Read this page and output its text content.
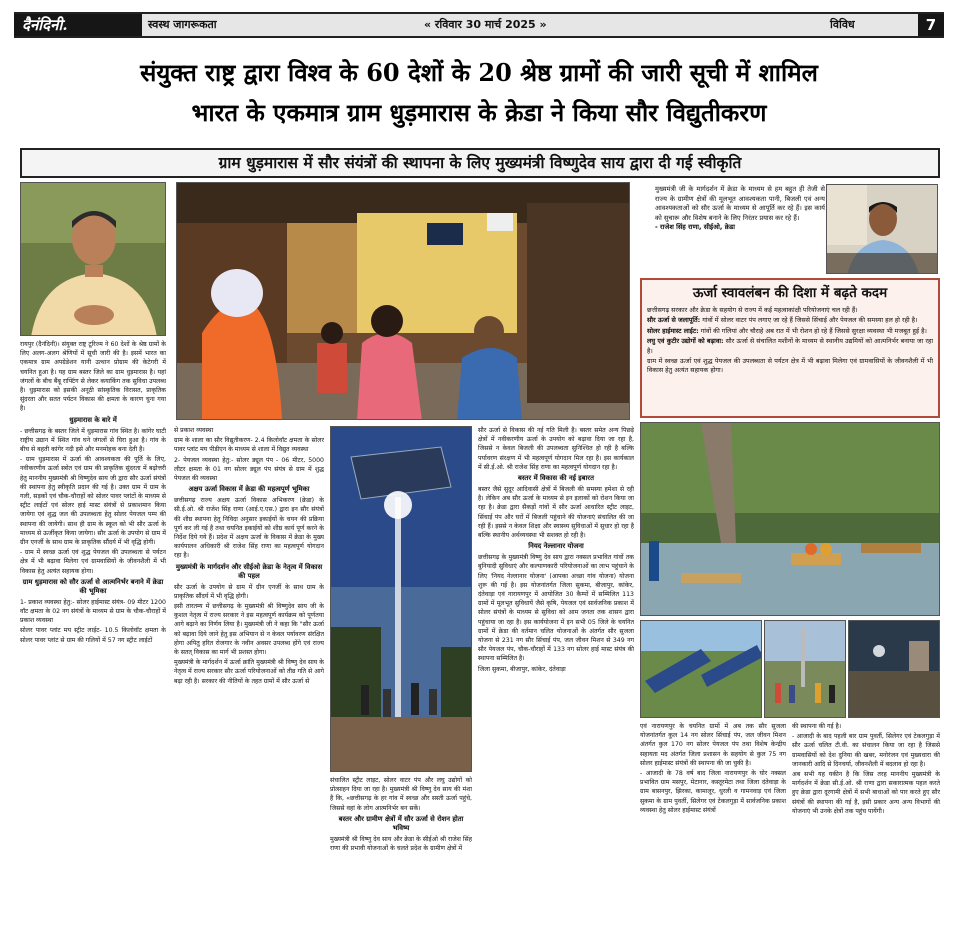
दैनंदिनी.	स्वस्थ जागरूकता	« रविवार 30 मार्च 2025 »	विविध	7
संयुक्त राष्ट्र द्वारा विश्व के 60 देशों के 20 श्रेष्ठ ग्रामों की जारी सूची में शामिल
भारत के एकमात्र ग्राम धुड़मारास के क्रेडा ने किया सौर विद्युतीकरण
ग्राम धुड़मारास में सौर संयंत्रों की स्थापना के लिए मुख्यमंत्री विष्णुदेव साय द्वारा दी गई स्वीकृति
मुख्यमंत्री जी के मार्गदर्शन में क्रेडा के माध्यम से हम बहुत ही तेजी से राज्य के ग्रामीण क्षेत्रों की मूलभूत आवश्यकता पानी, बिजली एवं अन्य आवश्यकताओं को सौर ऊर्जा के माध्यम से आपूर्ति कर रहे हैं। इस कार्य को सुचारू और विशेष बनाने के लिए निरंतर प्रयास कर रहे हैं।
- राजेश सिंह राणा, सीईओ, क्रेडा
ऊर्जा स्वावलंबन की दिशा में बढ़ते कदम

छत्तीसगढ़ सरकार और क्रेडा के सहयोग से राज्य में कई महत्वाकांक्षी परियोजनाएं चल रही हैं।

सौर ऊर्जा से जलापूर्ति: गांवों में सोलर वाटर पंप लगाए जा रहे हैं जिससे सिंचाई और पेयजल की समस्या हल हो रही है।

सोलर हाईमास्ट लाईट: गांवों की गलियां और चौराहे अब रात में भी रोशन हो रहे हैं जिससे सुरक्षा व्यवस्था भी मजबूत हुई है।

लघु एवं कुटीर उद्योगों को बढ़ावा: सौर ऊर्जा से संचालित मशीनों के माध्यम से स्थानीय उद्यमियों को आत्मनिर्भर बनाया जा रहा है।

ग्राम में स्वच्छ ऊर्जा एवं शुद्ध पेयजल की उपलब्धता से पर्यटन क्षेत्र में भी बढ़ावा मिलेगा एवं ग्रामवासियों के जीवनशैली में भी विकास हेतु अत्यंत सहायक होगा।

रायपुर (दैनंदिनी)। संयुक्त राष्ट्र टूरिज्म ने 60 देशों के श्रेष्ठ ग्रामों के लिए अलग-अलग श्रेणियों में सूची जारी की है। इसमें भारत का एकमात्र ग्राम अपग्रेडेशन यानी उत्थान प्रोग्राम की केटेगरी में चयनित हुआ है। यह ग्राम बस्तर जिले का ग्राम धुड़मारास है। यहां जंगलों के बीच बैंबू राफ्टिंग से लेकर कयाकिंग तक सुविधा उपलब्ध है। धुड़मारास को इसकी अनूठी सांस्कृतिक विरासत, प्राकृतिक सुंदरता और सतत पर्यटन विकास की क्षमता के कारण चुना गया है।

धुड़मारास के बारे में

- छत्तीसगढ़ के बस्तर जिले में धुड़मारास गांव स्थित है। कांगेर घाटी राष्ट्रीय उद्यान में स्थित गांव घने जंगलों से घिरा हुआ है। गांव के बीच से बहती कांगेर नदी इसे और मनमोहक बना देती है।

- ग्राम धुड़मारास में ऊर्जा की आवश्यकता की पूर्ति के लिए, नवीकरणीय ऊर्जा स्त्रोत एवं ग्राम की प्राकृतिक सुंदरता में बढ़ोत्तरी हेतु माननीय मुख्यमंत्री श्री विष्णुदेव साय जी द्वारा सौर ऊर्जा संयंत्रों की स्थापना हेतु स्वीकृति प्रदान की गई है। उक्त ग्राम में ग्राम के गली, सड़कों एवं चौक-चौराहों को सोलर पावर प्लांटों के माध्यम से स्ट्रीट लाईटों एवं सोलर हाई मास्ट संयंत्रों से प्रकाशमान किया जायेगा एवं शुद्ध जल की उपलब्धता हेतु सोलर पेयजल पम्प की स्थापना की जायेगी। साथ ही ग्राम के स्कूल को भी सौर ऊर्जा के माध्यम से ऊर्जीकृत किया जायेगा। सौर ऊर्जा के उपयोग से ग्राम में ग्रीन एनर्जी के साथ ग्राम के प्राकृतिक सौंदर्य में भी वृद्धि होगी।

- ग्राम में स्वच्छ ऊर्जा एवं शुद्ध पेयजल की उपलब्धता से पर्यटन क्षेत्र में भी बढ़ावा मिलेगा एवं ग्रामवासियों के जीवनशैली में भी विकास हेतु अत्यंत सहायक होगा।

ग्राम धुड़मारास को सौर ऊर्जा से आत्मनिर्भर बनाने में क्रेडा की भूमिका

1- प्रकाश व्यवस्था हेतु:- सोलर हाईमास्ट संयंत्र- 09 मीटर 1200 वॉट क्षमता के 02 नग संयंत्रों के माध्यम से ग्राम के चौक-चौराहों में प्रकाश व्यवस्था

सोलर पावर प्लांट मय स्ट्रीट लाईट- 10.5 किलोवॉट क्षमता के सोलर पावर प्लांट से ग्राम की गलियों में 57 नग स्ट्रीट लाईटों

से प्रकाश व्यवस्था

ग्राम के शाला का सौर विद्युतीकरण- 2.4 किलोवॉट क्षमता के सोलर पावर प्लांट मय पीडीएन के माध्यम से शाला में विद्युत व्यवस्था

2- पेयजल व्यवस्था हेतु:- सोलर ड्यूल पंप - 06 मीटर, 5000 लीटर क्षमता के 01 नग सोलर ड्यूल पंप संयंत्र से ग्राम में शुद्ध पेयजल की व्यवस्था

अक्षय ऊर्जा विकास में क्रेडा की महत्वपूर्ण भूमिका

छत्तीसगढ़ राज्य अक्षय ऊर्जा विकास अभिकरण (क्रेडा) के सी.ई.ओ. श्री राजेश सिंह राणा (आई.ए.एस.) द्वारा इन सौर संयंत्रों की शीघ्र स्थापना हेतु निविदा अनुसार इकाईयों के चयन की प्रक्रिया पूर्ण कर ली गई है तथा चयनित इकाईयों को शीघ्र कार्य पूर्ण करने के निर्देश दिये गये हैं। प्रदेश में अक्षय ऊर्जा के विकास में क्रेडा के मुख्य कार्यपालन अधिकारी श्री राजेश सिंह राणा का महत्वपूर्ण योगदान रहा है।

मुख्यमंत्री के मार्गदर्शन और सीईओ क्रेडा के नेतृत्व में विकास की पहल

सौर ऊर्जा के उपयोग से ग्राम में ग्रीन एनर्जी के साथ ग्राम के प्राकृतिक सौंदर्य में भी वृद्धि होगी।

इसी तारतम्य में छत्तीसगढ़ के मुख्यमंत्री श्री विष्णुदेव साय जी के कुशल नेतृत्व में राज्य सरकार ने इस महत्वपूर्ण कार्यक्रम को पूर्णतया आगे बढ़ाने का निर्णय लिया है। मुख्यमंत्री जी ने कहा कि "सौर ऊर्जा को बढ़ावा दिये जाने हेतु इस अभियान से न केवल पर्यावरण संरक्षित होगा अपितु हरित रोजगार के नवीन अवसर उपलब्ध होंगे एवं राज्य के सतत् विकास का मार्ग भी प्रशस्त होगा।

मुख्यमंत्री के मार्गदर्शन में ऊर्जा क्रांति मुख्यमंत्री श्री विष्णु देव साय के नेतृत्व में राज्य सरकार सौर ऊर्जा परियोजनाओं को तीव्र गति से आगे बढ़ा रही है। सरकार की नीतियों के तहत ग्रामों में सौर ऊर्जा से

संचालित स्ट्रीट लाइट, सोलर वाटर पंप और लघु उद्योगों को प्रोत्साहन दिया जा रहा है। मुख्यमंत्री श्री विष्णु देव साय की मंशा है कि, «छत्तीसगढ़ के हर गांव में स्वच्छ और सस्ती ऊर्जा पहुंचे, जिससे वहां के लोग आत्मनिर्भर बन सकें।

बस्तर और ग्रामीण क्षेत्रों में सौर ऊर्जा से रोशन होता भविष्य

मुख्यमंत्री श्री विष्णु देव साय और क्रेडा के सीईओ श्री राजेश सिंह राणा की प्रभावी योजनाओं के चलते प्रदेश के ग्रामीण क्षेत्रों में

सौर ऊर्जा से विकास की नई गति मिली है। बस्तर समेत अन्य पिछड़े क्षेत्रों में नवीकरणीय ऊर्जा के उपयोग को बढ़ावा दिया जा रहा है, जिससे न केवल बिजली की उपलब्धता सुनिश्चित हो रही है बल्कि पर्यावरण संरक्षण में भी महत्वपूर्ण योगदान मिल रहा है। इस कार्यकाल में सी.ई.ओ. श्री राजेश सिंह राणा का महत्वपूर्ण योगदान रहा है।

बस्तर में विकास की नई इबारत

बस्तर जैसे सुदूर आदिवासी क्षेत्रों में बिजली की समस्या हमेशा से रही है। लेकिन अब सौर ऊर्जा के माध्यम से इन इलाकों को रोशन किया जा रहा है। क्रेडा द्वारा सैकड़ों गांवों में सौर ऊर्जा आधारित स्ट्रीट लाइट, सिंचाई पंप और घरों में बिजली पहुंचाने की योजनाएं संचालित की जा रही हैं। इससे न केवल शिक्षा और स्वास्थ्य सुविधाओं में सुधार हो रहा है बल्कि स्थानीय अर्थव्यवस्था भी सशक्त हो रही है।

नियद नेल्लानार योजना

छत्तीसगढ़ के मुख्यमंत्री विष्णु देव साय द्वारा नक्सल प्रभावित गांवों तक बुनियादी सुविधाएं और कल्याणकारी परियोजनाओं का लाभ पहुंचाने के लिए 'नियद नेल्लानार योजना' (आपका अच्छा गांव योजना) योजना शुरू की गई है। इस योजनांतर्गत जिला सुकमा, बीजापुर, कांकेर, दंतेवाड़ा एवं नारायणपुर में आयोजित 30 कैम्पों में सम्मिलित 113 ग्रामों में मूलभूत सुविधायें जैसे कृषि, पेयजल एवं सार्वजनिक प्रकाश में सोलर संयंत्रों के माध्यम से सुविधा को आम जनता तक शासन द्वारा पहुंचाया जा रहा है। इस कार्ययोजना में इन सभी 05 जिले के चयनित ग्रामों में क्रेडा की वर्तमान चलित योजनाओं के अंतर्गत सौर सुजला योजना से 231 नग सौर सिंचाई पंप, जल जीवन मिशन से 349 नग सौर पेयजल पंप, चौक-चौराहों में 133 नग सोलर हाई मास्ट संयंत्र की स्थापना सम्मिलित है।

जिला सुकमा, बीजापुर, कांकेर, दंतेवाड़ा

एवं नारायणपुर के चयनित ग्रामों में अब तक सौर सुजला योजनांतर्गत कुल 14 नग सोलर सिंचाई पंप, जल जीवन मिशन अंतर्गत कुल 170 नग सोलर पेयजल पंप तथा विशेष केन्द्रीय सहायता मद अंतर्गत जिला प्रशासन के सहयोग से कुल 75 नग सोलर हाईमास्ट संयंत्रों की स्थापना की जा चुकी है।

- आजादी के 78 वर्ष बाद जिला नारायणपुर के घोर नक्सल प्रभावित ग्राम मसपुर, मेटानार, कस्तूरमेटा तथा जिला दंतेवाड़ा के ग्राम बासनपुर, झिरका, कामालूर, धुरली व गामनवाड़ एवं जिला सुकमा के ग्राम पुवर्ती, सिलेगर एवं टेकलगुड़ा में सार्वजनिक प्रकाश व्यवस्था हेतु सोलर हाईमास्ट संयंत्रों

की स्थापना की गई है।

- आजादी के बाद पहली बार ग्राम पुवर्ती, सिलेगर एवं टेकलगुड़ा में सौर ऊर्जा चलित टी.वी. का संचालन किया जा रहा है जिससे ग्रामवासियों को देश दुनिया की खबर, मनोरंजन एवं मुख्यधारा की जानकारी आदि से दिनचर्या, जीवनशैली में बदलाव हो रहा है।

अब सभी यह यकीन है कि जिस तरह माननीय मुख्यमंत्री के मार्गदर्शन में क्रेडा सी.ई.ओ. श्री राणा द्वारा सकारात्मक पहल करते हुए क्रेडा द्वारा दूरगामी क्षेत्रों में सभी बाधाओं को पार करते हुए सौर संयंत्रों की स्थापना की गई है, इसी प्रकार अन्य अन्य विभागों की योजनाएं भी उनके क्षेत्रों तक पहुंच पायेंगी।
